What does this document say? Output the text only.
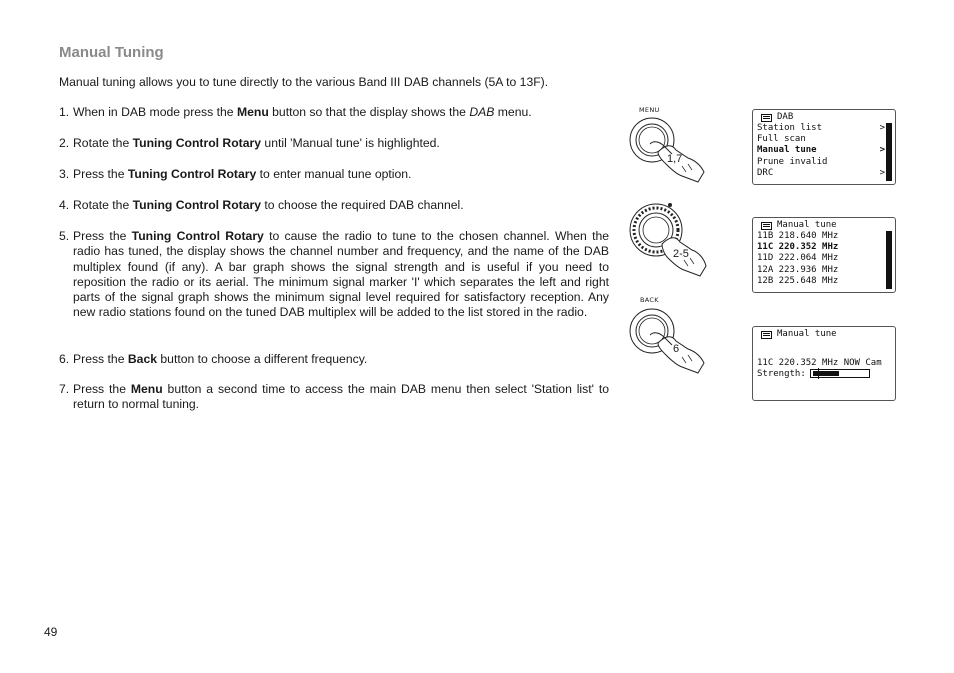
Manual Tuning
Manual tuning allows you to tune directly to the various Band III DAB channels (5A to 13F).
1. When in DAB mode press the Menu button so that the display shows the DAB menu.
2. Rotate the Tuning Control Rotary until 'Manual tune' is highlighted.
3. Press the Tuning Control Rotary to enter manual tune option.
4. Rotate the Tuning Control Rotary to choose the required DAB channel.
5. Press the Tuning Control Rotary to cause the radio to tune to the chosen channel. When the radio has tuned, the display shows the channel number and frequency, and the name of the DAB multiplex found (if any). A bar graph shows the signal strength and is useful if you need to reposition the radio or its aerial. The minimum signal marker 'I' which separates the left and right parts of the signal graph shows the minimum signal level required for satisfactory reception. Any new radio stations found on the tuned DAB multiplex will be added to the list stored in the radio.
6. Press the Back button to choose a different frequency.
7. Press the Menu button a second time to access the main DAB menu then select 'Station list' to return to normal tuning.
49
MENU
1,7
2-5
BACK
6
DAB
Station list	>
Full scan
Manual tune	>
Prune invalid
DRC	>
Manual tune
11B 218.640 MHz
11C 220.352 MHz
11D 222.064 MHz
12A 223.936 MHz
12B 225.648 MHz
Manual tune
11C 220.352 MHz NOW Cam
Strength:
